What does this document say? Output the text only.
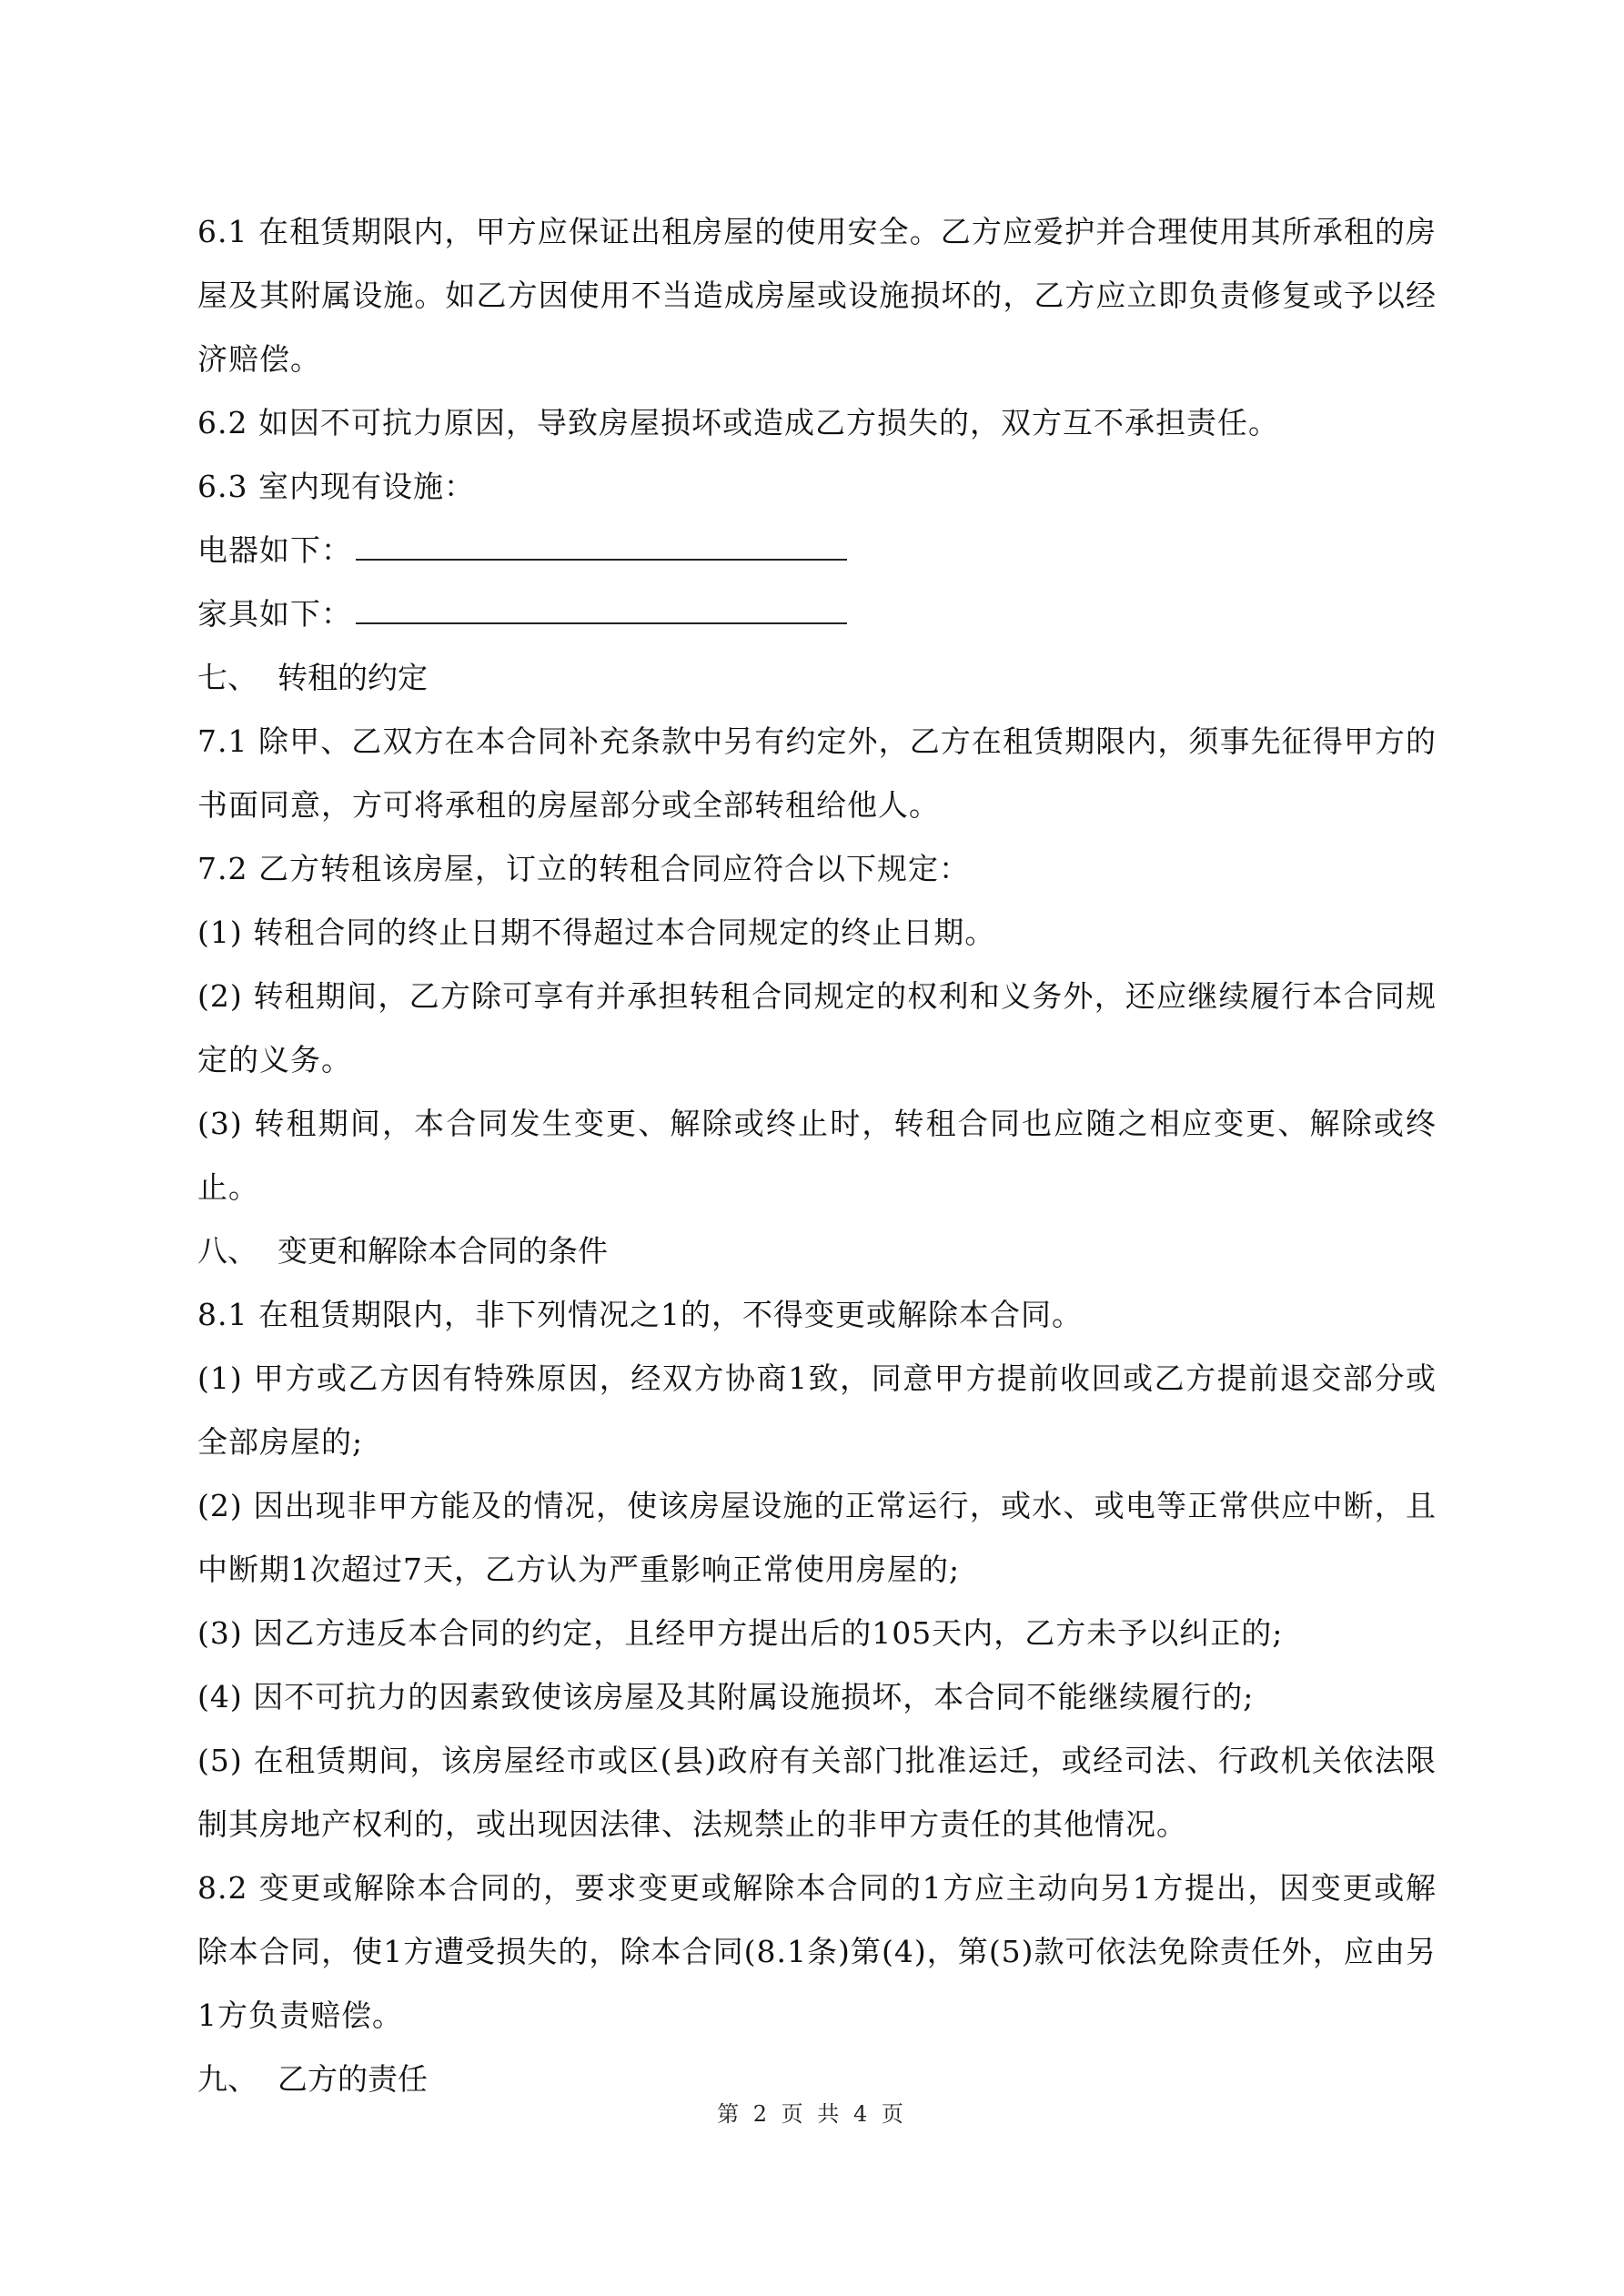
6.1 在租赁期限内，甲方应保证出租房屋的使用安全。乙方应爱护并合理使用其所承租的房屋及其附属设施。如乙方因使用不当造成房屋或设施损坏的，乙方应立即负责修复或予以经济赔偿。

6.2 如因不可抗力原因，导致房屋损坏或造成乙方损失的，双方互不承担责任。

6.3 室内现有设施：

电器如下：

家具如下：

七、 转租的约定

7.1 除甲、乙双方在本合同补充条款中另有约定外，乙方在租赁期限内，须事先征得甲方的书面同意，方可将承租的房屋部分或全部转租给他人。

7.2 乙方转租该房屋，订立的转租合同应符合以下规定：

(1) 转租合同的终止日期不得超过本合同规定的终止日期。

(2) 转租期间，乙方除可享有并承担转租合同规定的权利和义务外，还应继续履行本合同规定的义务。

(3) 转租期间，本合同发生变更、解除或终止时，转租合同也应随之相应变更、解除或终止。

八、 变更和解除本合同的条件

8.1 在租赁期限内，非下列情况之1的，不得变更或解除本合同。

(1) 甲方或乙方因有特殊原因，经双方协商1致，同意甲方提前收回或乙方提前退交部分或全部房屋的;

(2) 因出现非甲方能及的情况，使该房屋设施的正常运行，或水、或电等正常供应中断，且中断期1次超过7天，乙方认为严重影响正常使用房屋的;

(3) 因乙方违反本合同的约定，且经甲方提出后的105天内，乙方未予以纠正的;

(4) 因不可抗力的因素致使该房屋及其附属设施损坏，本合同不能继续履行的;

(5) 在租赁期间，该房屋经市或区(县)政府有关部门批准运迁，或经司法、行政机关依法限制其房地产权利的，或出现因法律、法规禁止的非甲方责任的其他情况。

8.2 变更或解除本合同的，要求变更或解除本合同的1方应主动向另1方提出，因变更或解除本合同，使1方遭受损失的，除本合同(8.1条)第(4)，第(5)款可依法免除责任外，应由另1方负责赔偿。

九、 乙方的责任

第 2 页 共 4 页
